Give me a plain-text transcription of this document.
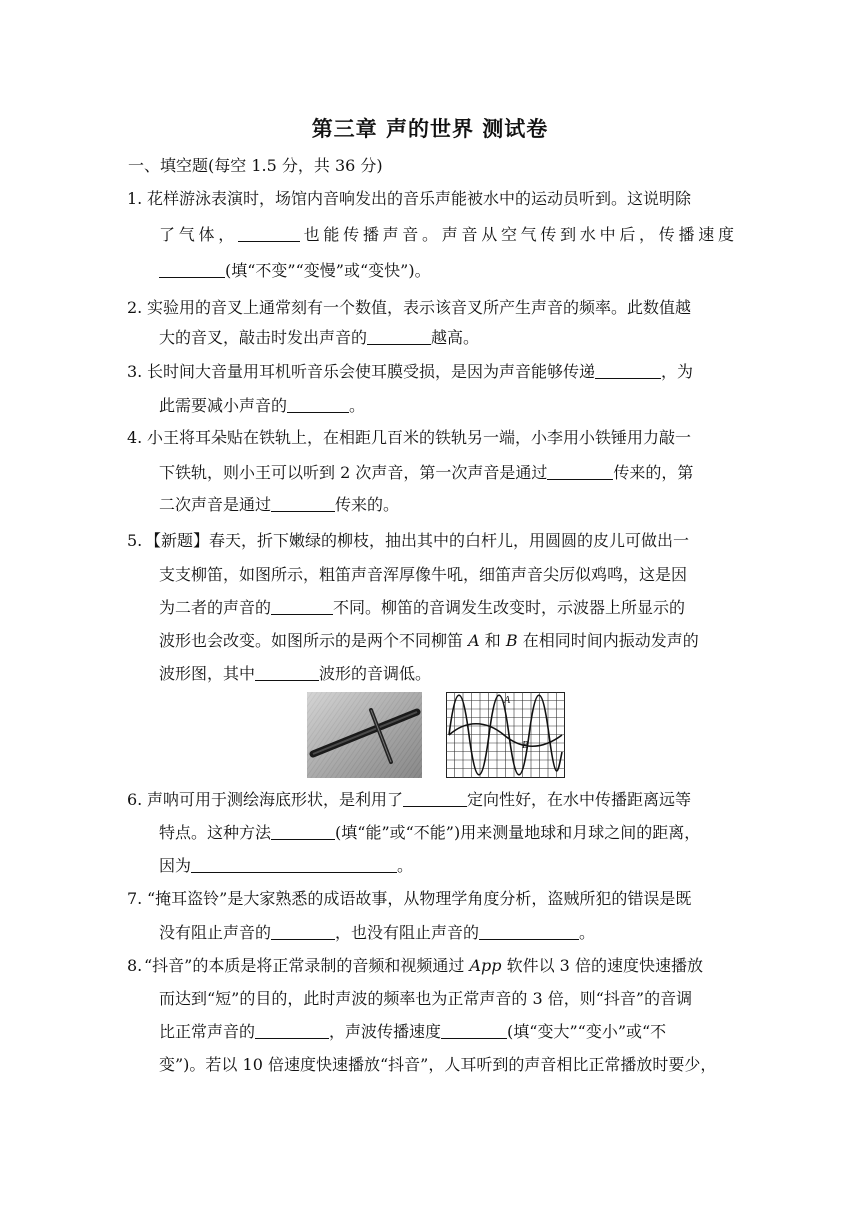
第三章 声的世界 测试卷
一、填空题(每空 1.5 分，共 36 分)
1. 花样游泳表演时，场馆内音响发出的音乐声能被水中的运动员听到。这说明除
了气体，	也能传播声音。声音从空气传到水中后，传播速度
(填“不变”“变慢”或“变快”)。
2. 实验用的音叉上通常刻有一个数值，表示该音叉所产生声音的频率。此数值越
大的音叉，敲击时发出声音的	越高。
3. 长时间大音量用耳机听音乐会使耳膜受损，是因为声音能够传递	，为
此需要减小声音的	。
4. 小王将耳朵贴在铁轨上，在相距几百米的铁轨另一端，小李用小铁锤用力敲一
下铁轨，则小王可以听到 2 次声音，第一次声音是通过	传来的，第
二次声音是通过	传来的。
5. 【新题】春天，折下嫩绿的柳枝，抽出其中的白杆儿，用圆圆的皮儿可做出一
支支柳笛，如图所示，粗笛声音浑厚像牛吼，细笛声音尖厉似鸡鸣，这是因
为二者的声音的	不同。柳笛的音调发生改变时，示波器上所显示的
波形也会改变。如图所示的是两个不同柳笛 A 和 B 在相同时间内振动发声的
波形图，其中	波形的音调低。
A
B
6. 声呐可用于测绘海底形状，是利用了	定向性好，在水中传播距离远等
特点。这种方法	(填“能”或“不能”)用来测量地球和月球之间的距离，
因为	。
7. “掩耳盗铃”是大家熟悉的成语故事，从物理学角度分析，盗贼所犯的错误是既
没有阻止声音的	，也没有阻止声音的	。
8. “抖音”的本质是将正常录制的音频和视频通过 App 软件以 3 倍的速度快速播放
而达到“短”的目的，此时声波的频率也为正常声音的 3 倍，则“抖音”的音调
比正常声音的	，声波传播速度	(填“变大”“变小”或“不
变”)。若以 10 倍速度快速播放“抖音”，人耳听到的声音相比正常播放时要少，
